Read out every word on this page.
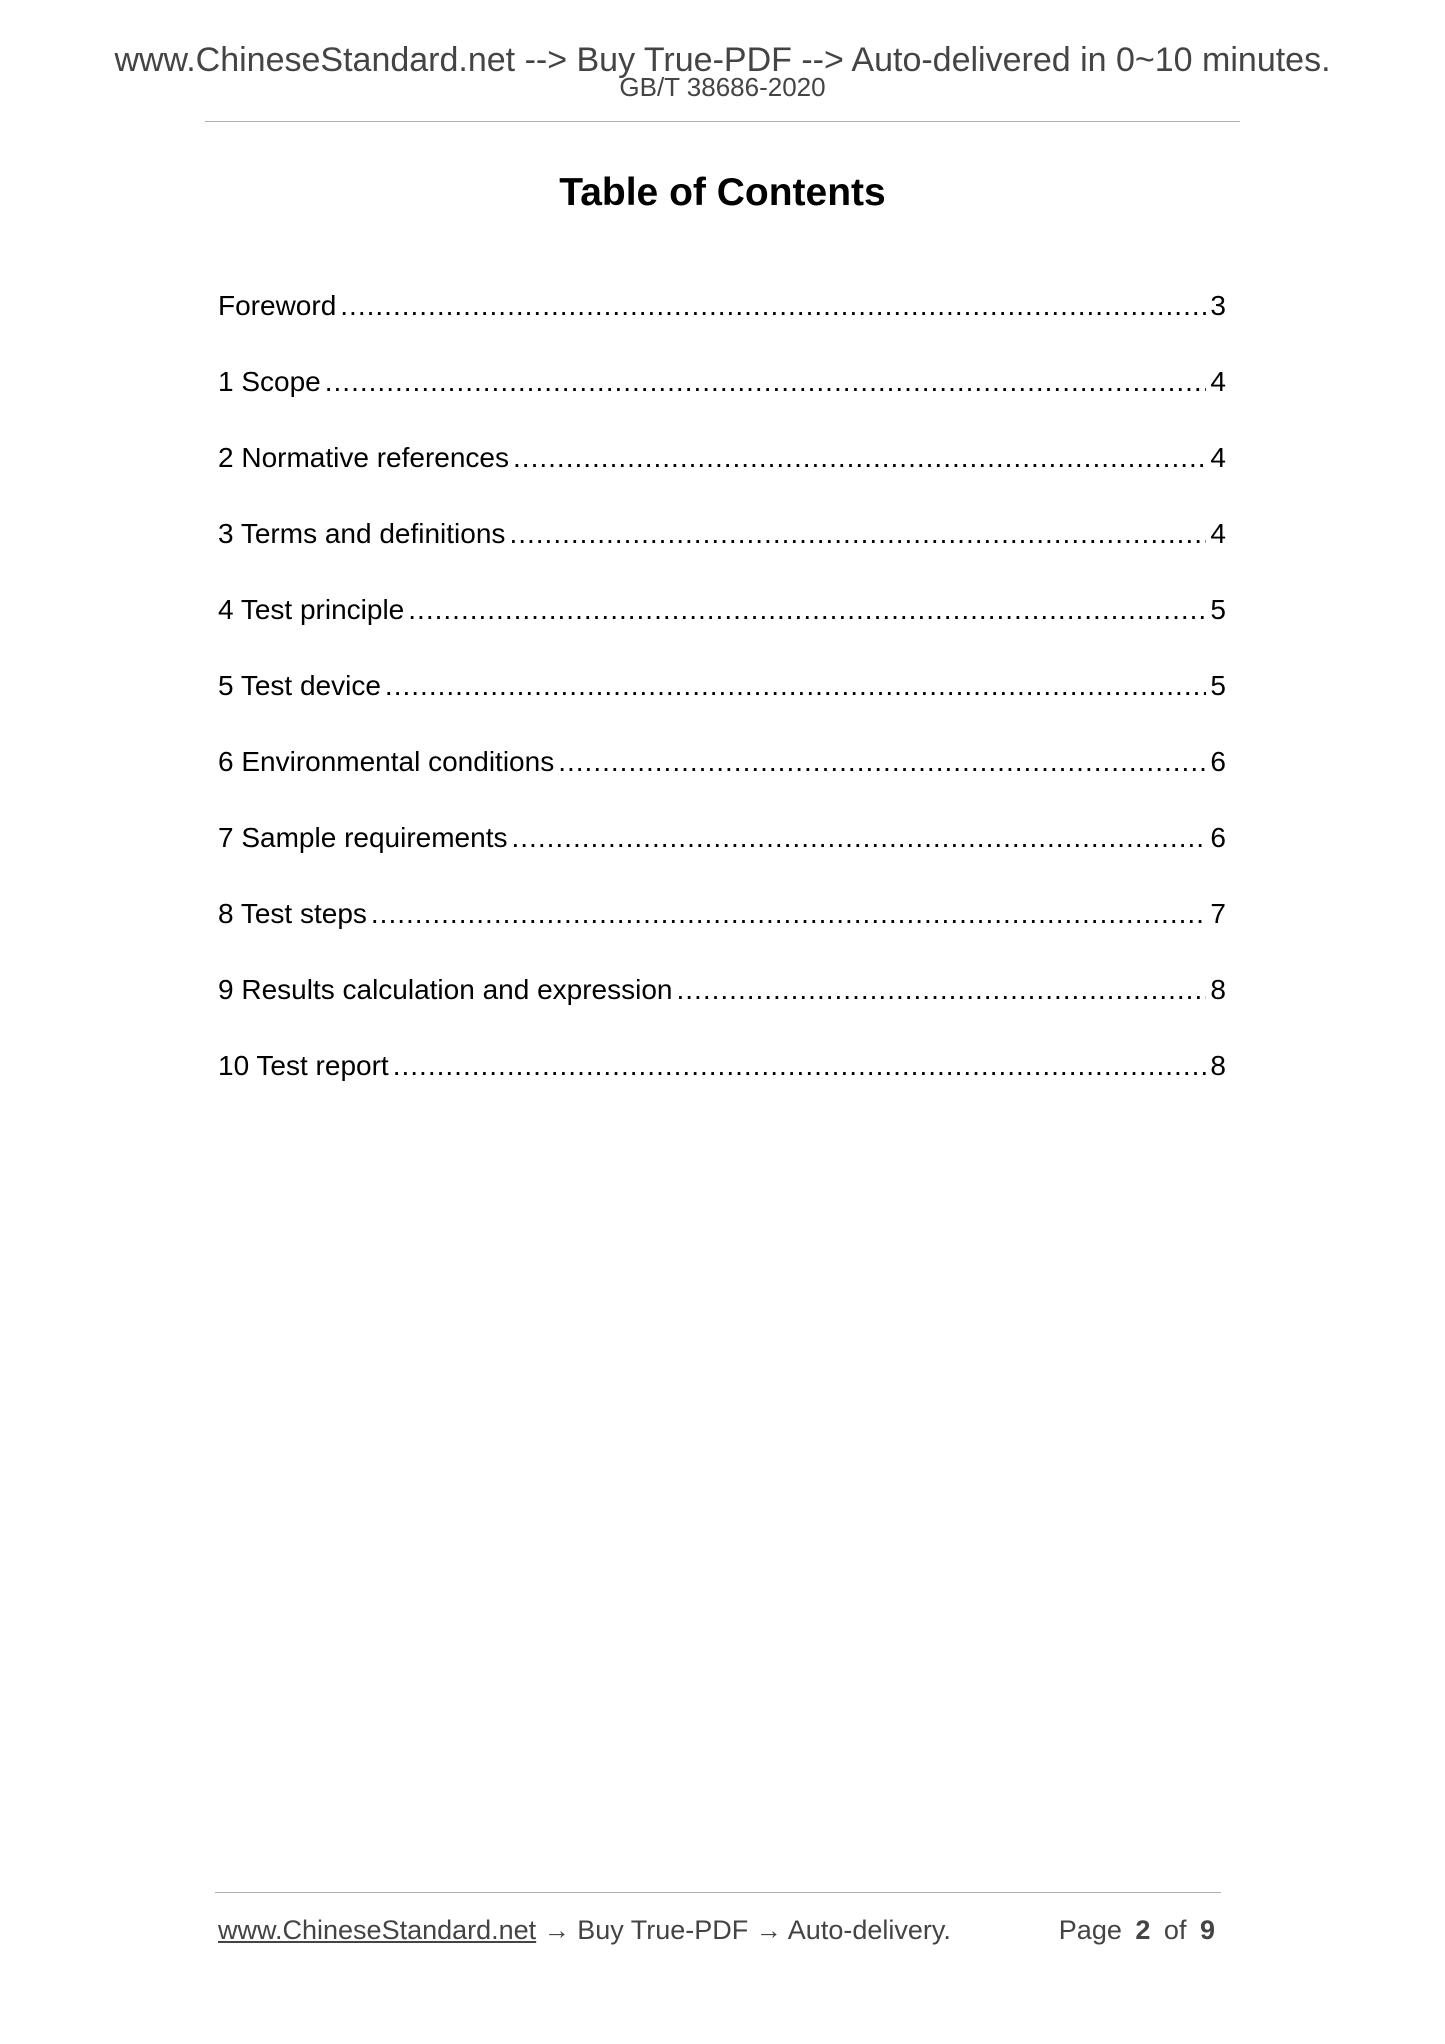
www.ChineseStandard.net --> Buy True-PDF --> Auto-delivered in 0~10 minutes.
GB/T 38686-2020
Table of Contents
Foreword .....	3
1 Scope .....	4
2 Normative references .....	4
3 Terms and definitions .....	4
4 Test principle .....	5
5 Test device .....	5
6 Environmental conditions .....	6
7 Sample requirements .....	6
8 Test steps .....	7
9 Results calculation and expression .....	8
10 Test report .....	8
www.ChineseStandard.net → Buy True-PDF → Auto-delivery.	Page 2 of 9
